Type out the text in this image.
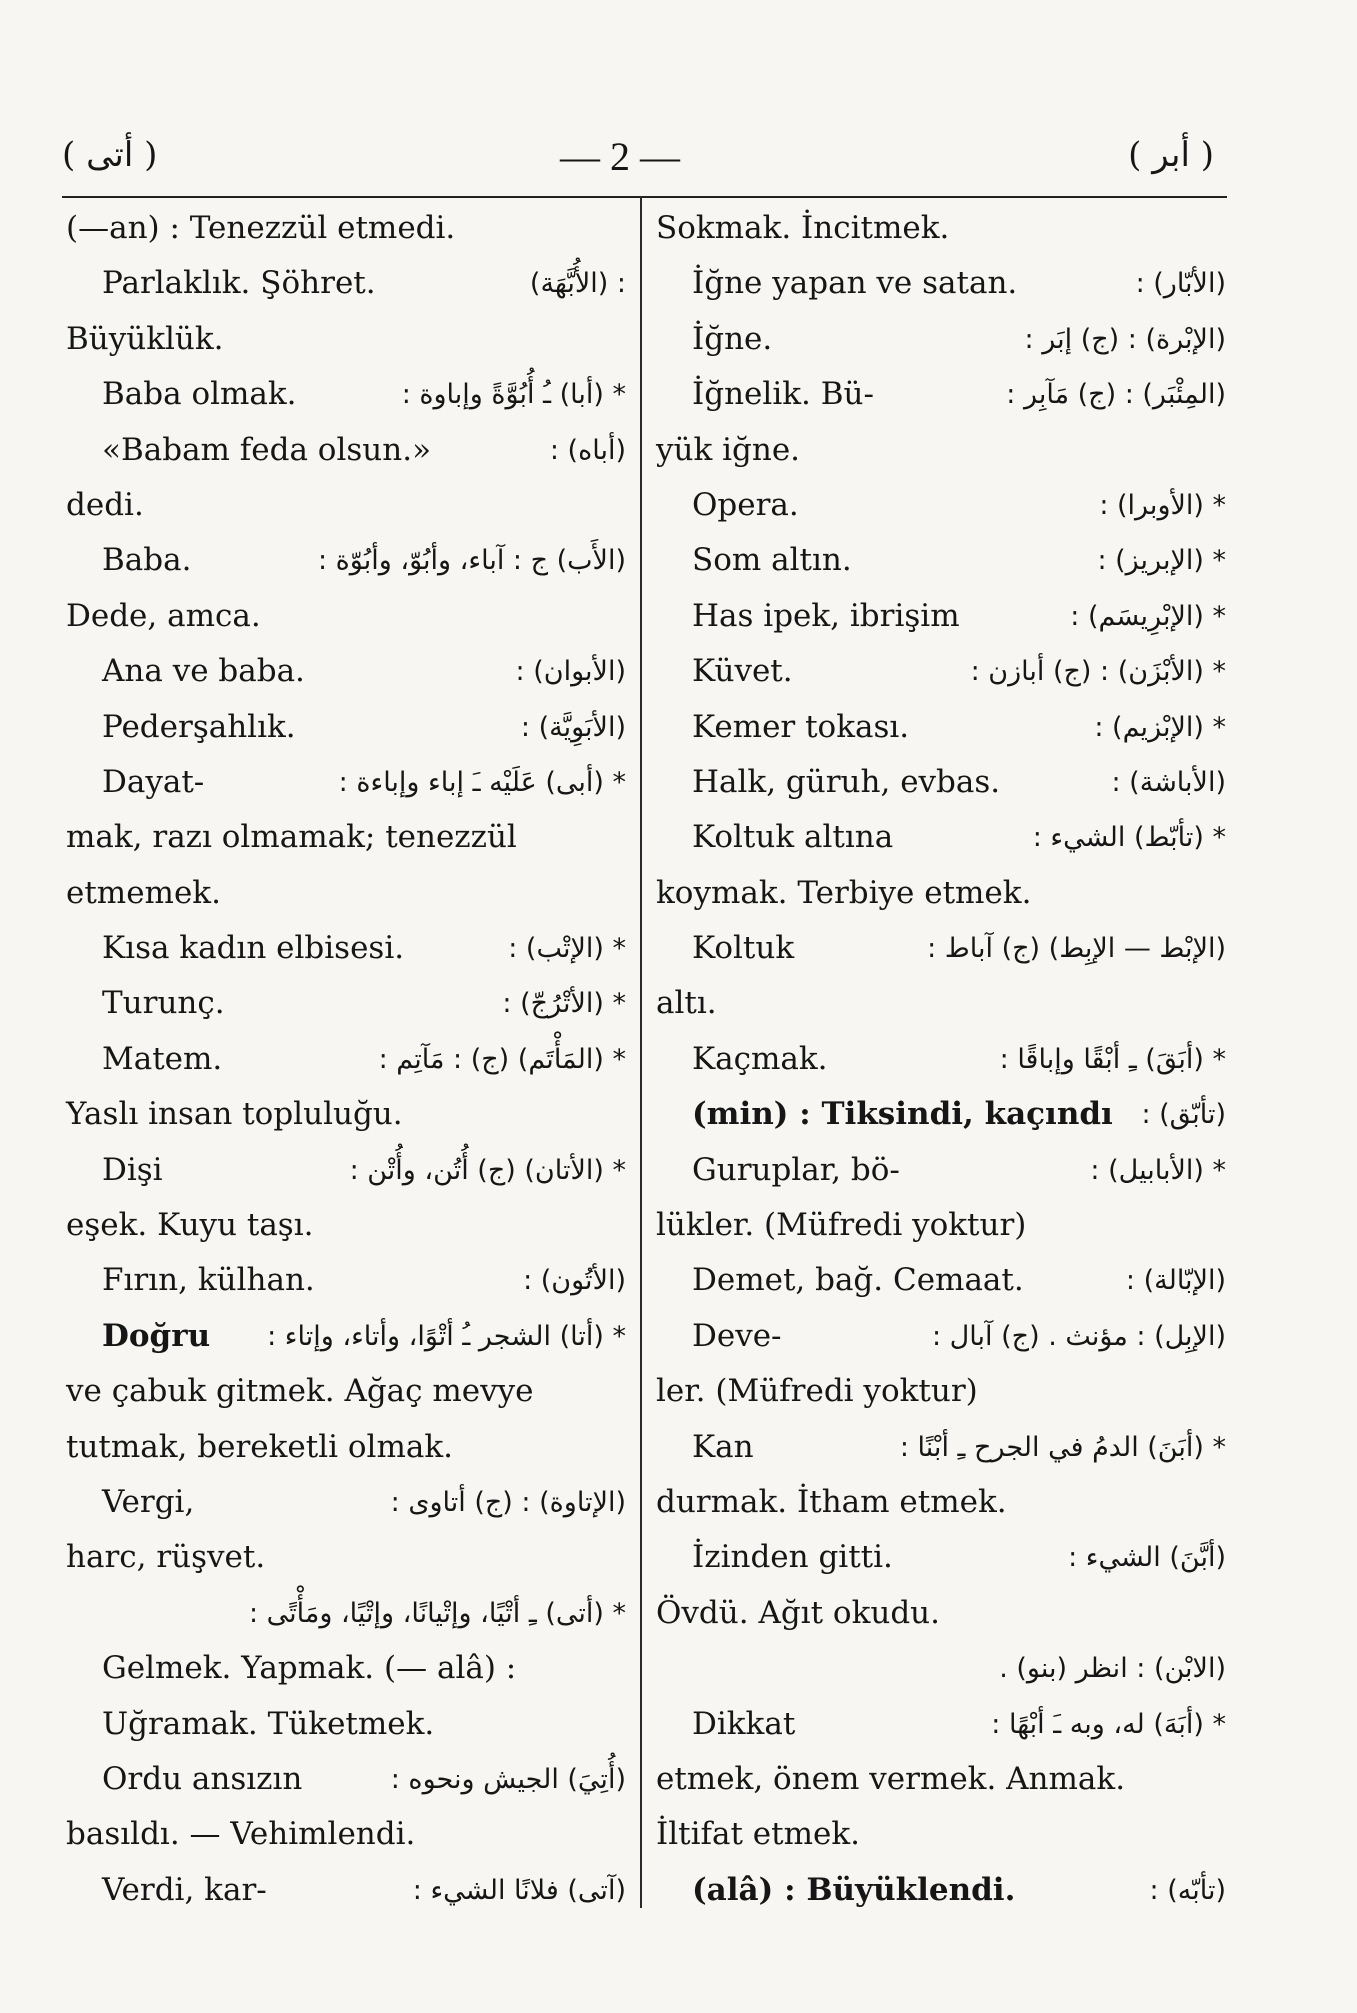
( أتى )	— 2 —	( أبر )
(—an) : Tenezzül etmedi.
Parlaklık. Şöhret.	: (الأُبَّهَة)
Büyüklük.
Baba olmak.	* (أبا) ـُ أُبُوَّةً وإباوة :
«Babam feda olsun.»	(أباه) :
dedi.
Baba.	(الأَب) ج : آباء، وأبُوّ، وأبُوّة :
Dede, amca.
Ana ve baba.	(الأبوان) :
Pederşahlık.	(الأبَوِيَّة) :
Dayat-	* (أبى) عَلَيْه ـَ إباء وإباءة :
mak, razı olmamak; tenezzül
etmemek.
Kısa kadın elbisesi.	* (الإتْب) :
Turunç.	* (الأتْرُجّ) :
Matem.	* (المَأْتَم) (ج) : مَآتِم :
Yaslı insan topluluğu.
Dişi	* (الأتان) (ج) أُتُن، وأُتْن :
eşek. Kuyu taşı.
Fırın, külhan.	(الأتُون) :
Doğru * (أتا) الشجر ـُ أتْوًا، وأتاء، وإتاء :
ve çabuk gitmek. Ağaç mevye
tutmak, bereketli olmak.
Vergi,	(الإتاوة) : (ج) أتاوى :
harc, rüşvet.
* (أتى) ـِ أتْيًا، وإتْيانًا، وإتْيًا، ومَأْتًى :
Gelmek. Yapmak. (— alâ) :
Uğramak. Tüketmek.
Ordu ansızın	(أُتِيَ) الجيش ونحوه :
basıldı. — Vehimlendi.
Verdi, kar-	(آتى) فلانًا الشيء :
Sokmak. İncitmek.
İğne yapan ve satan.	(الأبّار) :
İğne.	(الإبْرة) : (ج) إبَر :
İğnelik. Bü-	(المِئْبَر) : (ج) مَآبِر :
yük iğne.
Opera.	* (الأوبرا) :
Som altın.	* (الإبريز) :
Has ipek, ibrişim	* (الإبْرِيسَم) :
Küvet.	* (الأبْزَن) : (ج) أبازن :
Kemer tokası.	* (الإبْزيم) :
Halk, güruh, evbas.	(الأباشة) :
Koltuk altına	* (تأبّط) الشيء :
koymak. Terbiye etmek.
Koltuk	(الإبْط — الإبِط) (ج) آباط :
altı.
Kaçmak.	* (أبَقَ) ـِ أبْقًا وإباقًا :
(min) : Tiksindi, kaçındı (تأبّق) :
Guruplar, bö-	* (الأبابيل) :
lükler. (Müfredi yoktur)
Demet, bağ. Cemaat.	(الإبّالة) :
Deve-	(الإبِل) : مؤنث . (ج) آبال :
ler. (Müfredi yoktur)
Kan	* (أبَنَ) الدمُ في الجرح ـِ أبْنًا :
durmak. İtham etmek.
İzinden gitti.	(أبَّنَ) الشيء :
Övdü. Ağıt okudu.
(الابْن) : انظر (بنو) .
Dikkat	* (أبَهَ) له، وبه ـَ أبْهًا :
etmek, önem vermek. Anmak.
İltifat etmek.
(alâ) : Büyüklendi.	(تأبّه) :
